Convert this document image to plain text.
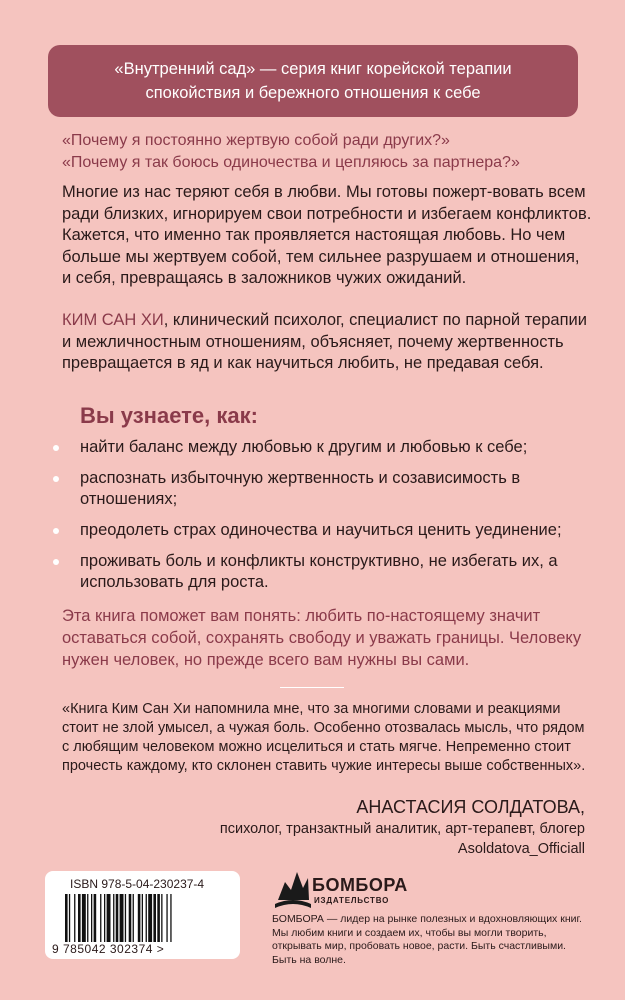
«Внутренний сад» — серия книг корейской терапии
спокойствия и бережного отношения к себе
«Почему я постоянно жертвую собой ради других?»
«Почему я так боюсь одиночества и цепляюсь за партнера?»
Многие из нас теряют себя в любви. Мы готовы пожерт-вовать всем ради близких, игнорируем свои потребности и избегаем конфликтов. Кажется, что именно так проявляется настоящая любовь. Но чем больше мы жертвуем собой, тем сильнее разрушаем и отношения, и себя, превращаясь в заложников чужих ожиданий.
КИМ САН ХИ, клинический психолог, специалист по парной терапии и межличностным отношениям, объясняет, почему жертвенность превращается в яд и как научиться любить, не предавая себя.
Вы узнаете, как:
найти баланс между любовью к другим и любовью к себе;
распознать избыточную жертвенность и созависимость в отношениях;
преодолеть страх одиночества и научиться ценить уединение;
проживать боль и конфликты конструктивно, не избегать их, а использовать для роста.
Эта книга поможет вам понять: любить по-настоящему значит оставаться собой, сохранять свободу и уважать границы. Человеку нужен человек, но прежде всего вам нужны вы сами.
«Книга Ким Сан Хи напомнила мне, что за многими словами и реакциями стоит не злой умысел, а чужая боль. Особенно отозвалась мысль, что рядом с любящим человеком можно исцелиться и стать мягче. Непременно стоит прочесть каждому, кто склонен ставить чужие интересы выше собственных».
АНАСТАСИЯ СОЛДАТОВА,
психолог, транзактный аналитик, арт-терапевт, блогер
Asoldatova_Officiall
ISBN 978-5-04-230237-4
9 785042 302374 >
БОМБОРА
ИЗДАТЕЛЬСТВО
БОМБОРА — лидер на рынке полезных и вдохновляющих книг. Мы любим книги и создаем их, чтобы вы могли творить, открывать мир, пробовать новое, расти. Быть счастливыми. Быть на волне.
